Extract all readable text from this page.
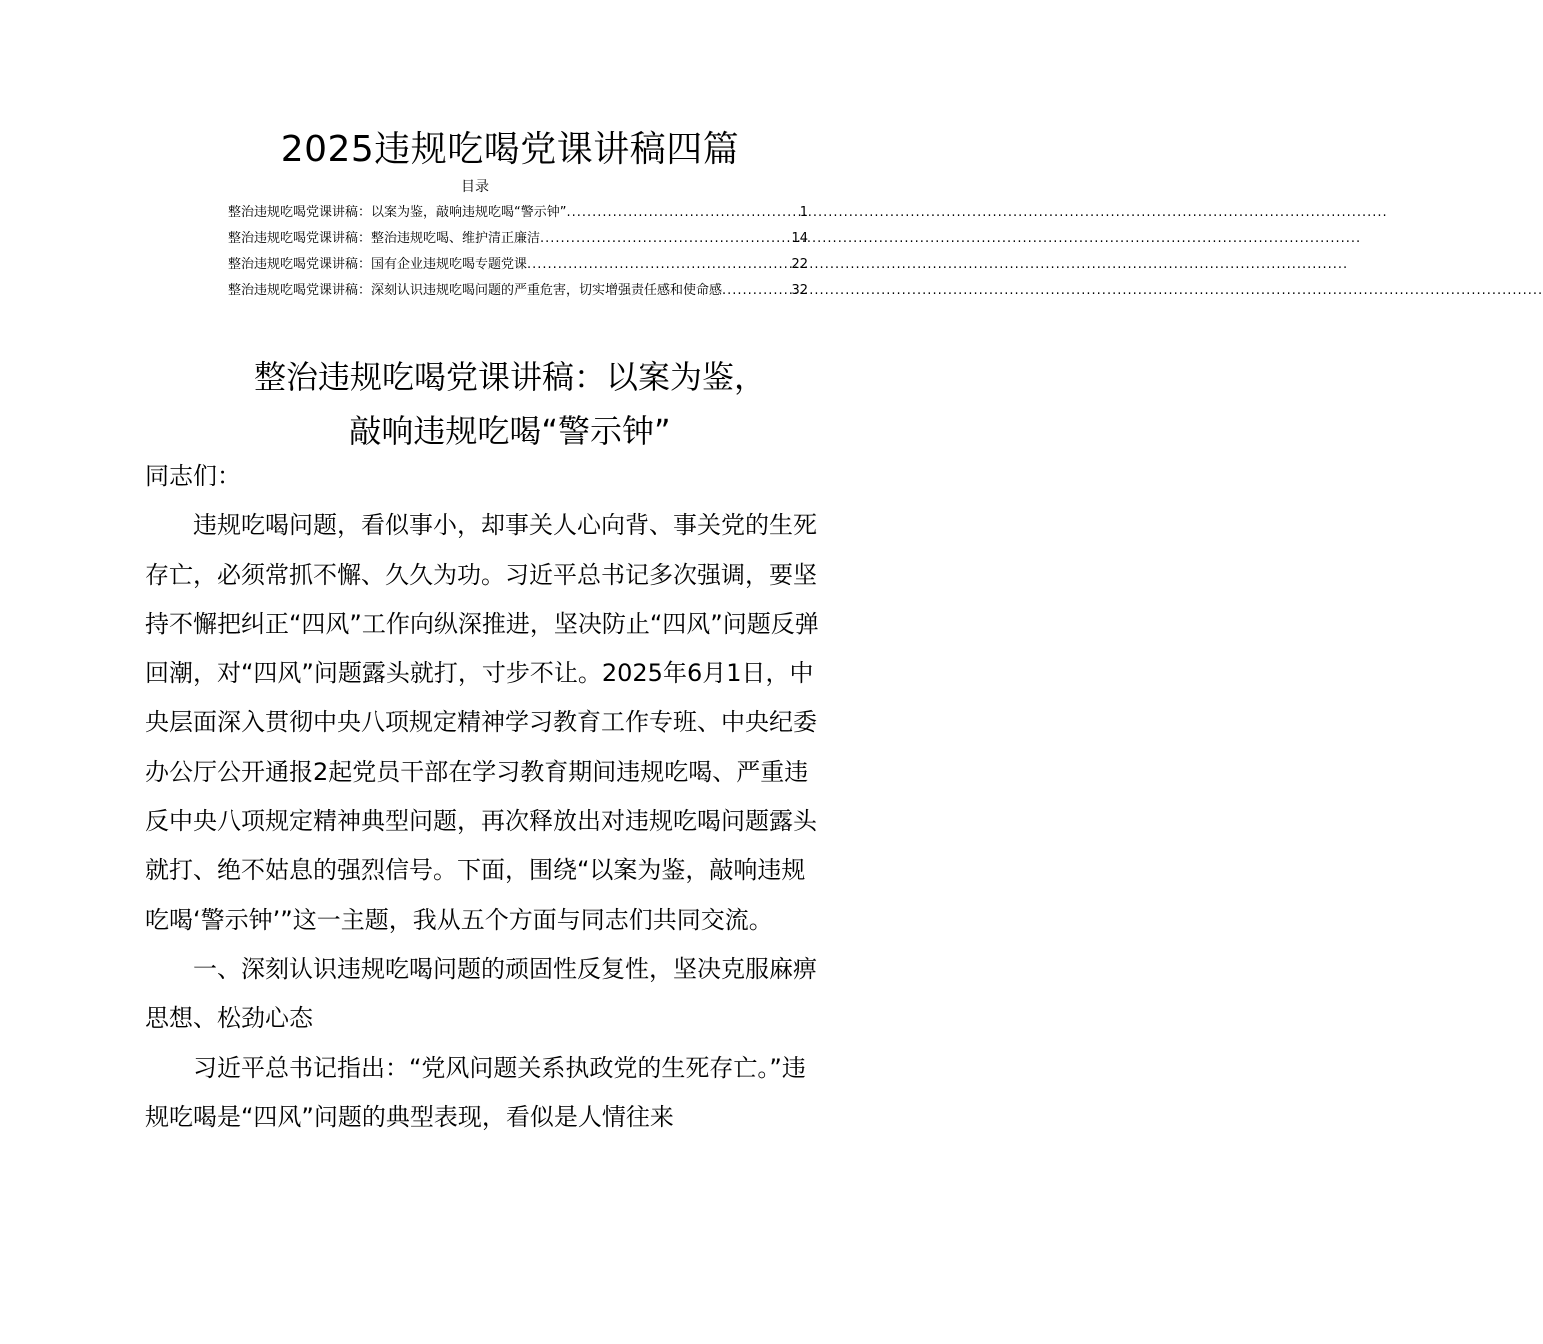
2025违规吃喝党课讲稿四篇
目录
整治违规吃喝党课讲稿：以案为鉴，敲响违规吃喝“警示钟” .....	1
整治违规吃喝党课讲稿：整治违规吃喝、维护清正廉洁 .....	14
整治违规吃喝党课讲稿：国有企业违规吃喝专题党课 .....	22
整治违规吃喝党课讲稿：深刻认识违规吃喝问题的严重危害，切实增强责任感和使命感 .....	32
整治违规吃喝党课讲稿：以案为鉴，
敲响违规吃喝“警示钟”

同志们：

违规吃喝问题，看似事小，却事关人心向背、事关党的生死存亡，必须常抓不懈、久久为功。习近平总书记多次强调，要坚持不懈把纠正“四风”工作向纵深推进，坚决防止“四风”问题反弹回潮，对“四风”问题露头就打，寸步不让。2025年6月1日，中央层面深入贯彻中央八项规定精神学习教育工作专班、中央纪委办公厅公开通报2起党员干部在学习教育期间违规吃喝、严重违反中央八项规定精神典型问题，再次释放出对违规吃喝问题露头就打、绝不姑息的强烈信号。下面，围绕“以案为鉴，敲响违规吃喝‘警示钟’”这一主题，我从五个方面与同志们共同交流。

一、深刻认识违规吃喝问题的顽固性反复性，坚决克服麻痹思想、松劲心态

习近平总书记指出：“党风问题关系执政党的生死存亡。”违规吃喝是“四风”问题的典型表现，看似是人情往来
